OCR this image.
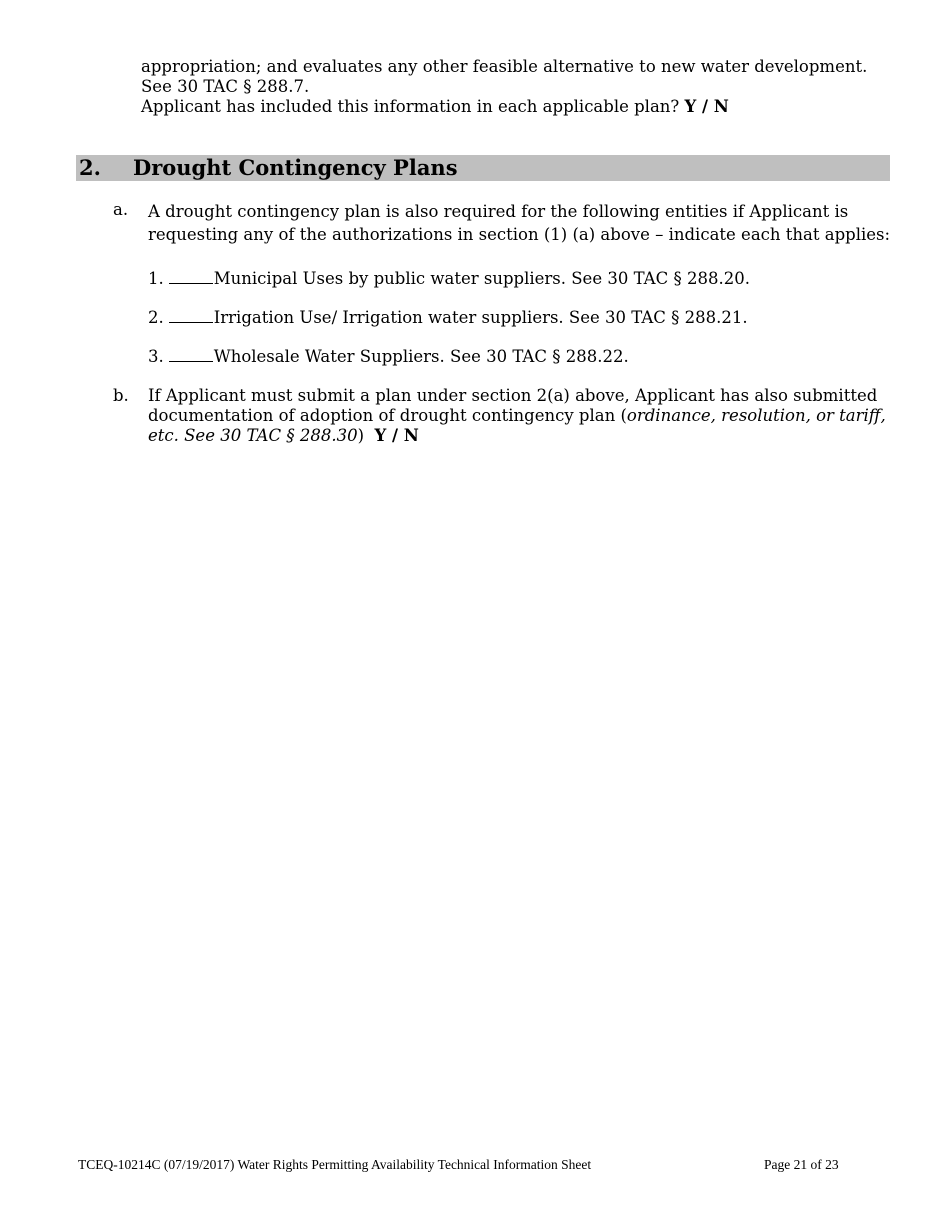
appropriation; and evaluates any other feasible alternative to new water development.
See 30 TAC § 288.7.
Applicant has included this information in each applicable plan? Y / N
2. Drought Contingency Plans
a. A drought contingency plan is also required for the following entities if Applicant is requesting any of the authorizations in section (1) (a) above – indicate each that applies:
1.	Municipal Uses by public water suppliers. See 30 TAC § 288.20.
2.	Irrigation Use/ Irrigation water suppliers. See 30 TAC § 288.21.
3.	Wholesale Water Suppliers. See 30 TAC § 288.22.
b. If Applicant must submit a plan under section 2(a) above, Applicant has also submitted
documentation of adoption of drought contingency plan (ordinance, resolution, or tariff,
etc. See 30 TAC § 288.30) Y / N
TCEQ-10214C (07/19/2017) Water Rights Permitting Availability Technical Information Sheet	Page 21 of 23
